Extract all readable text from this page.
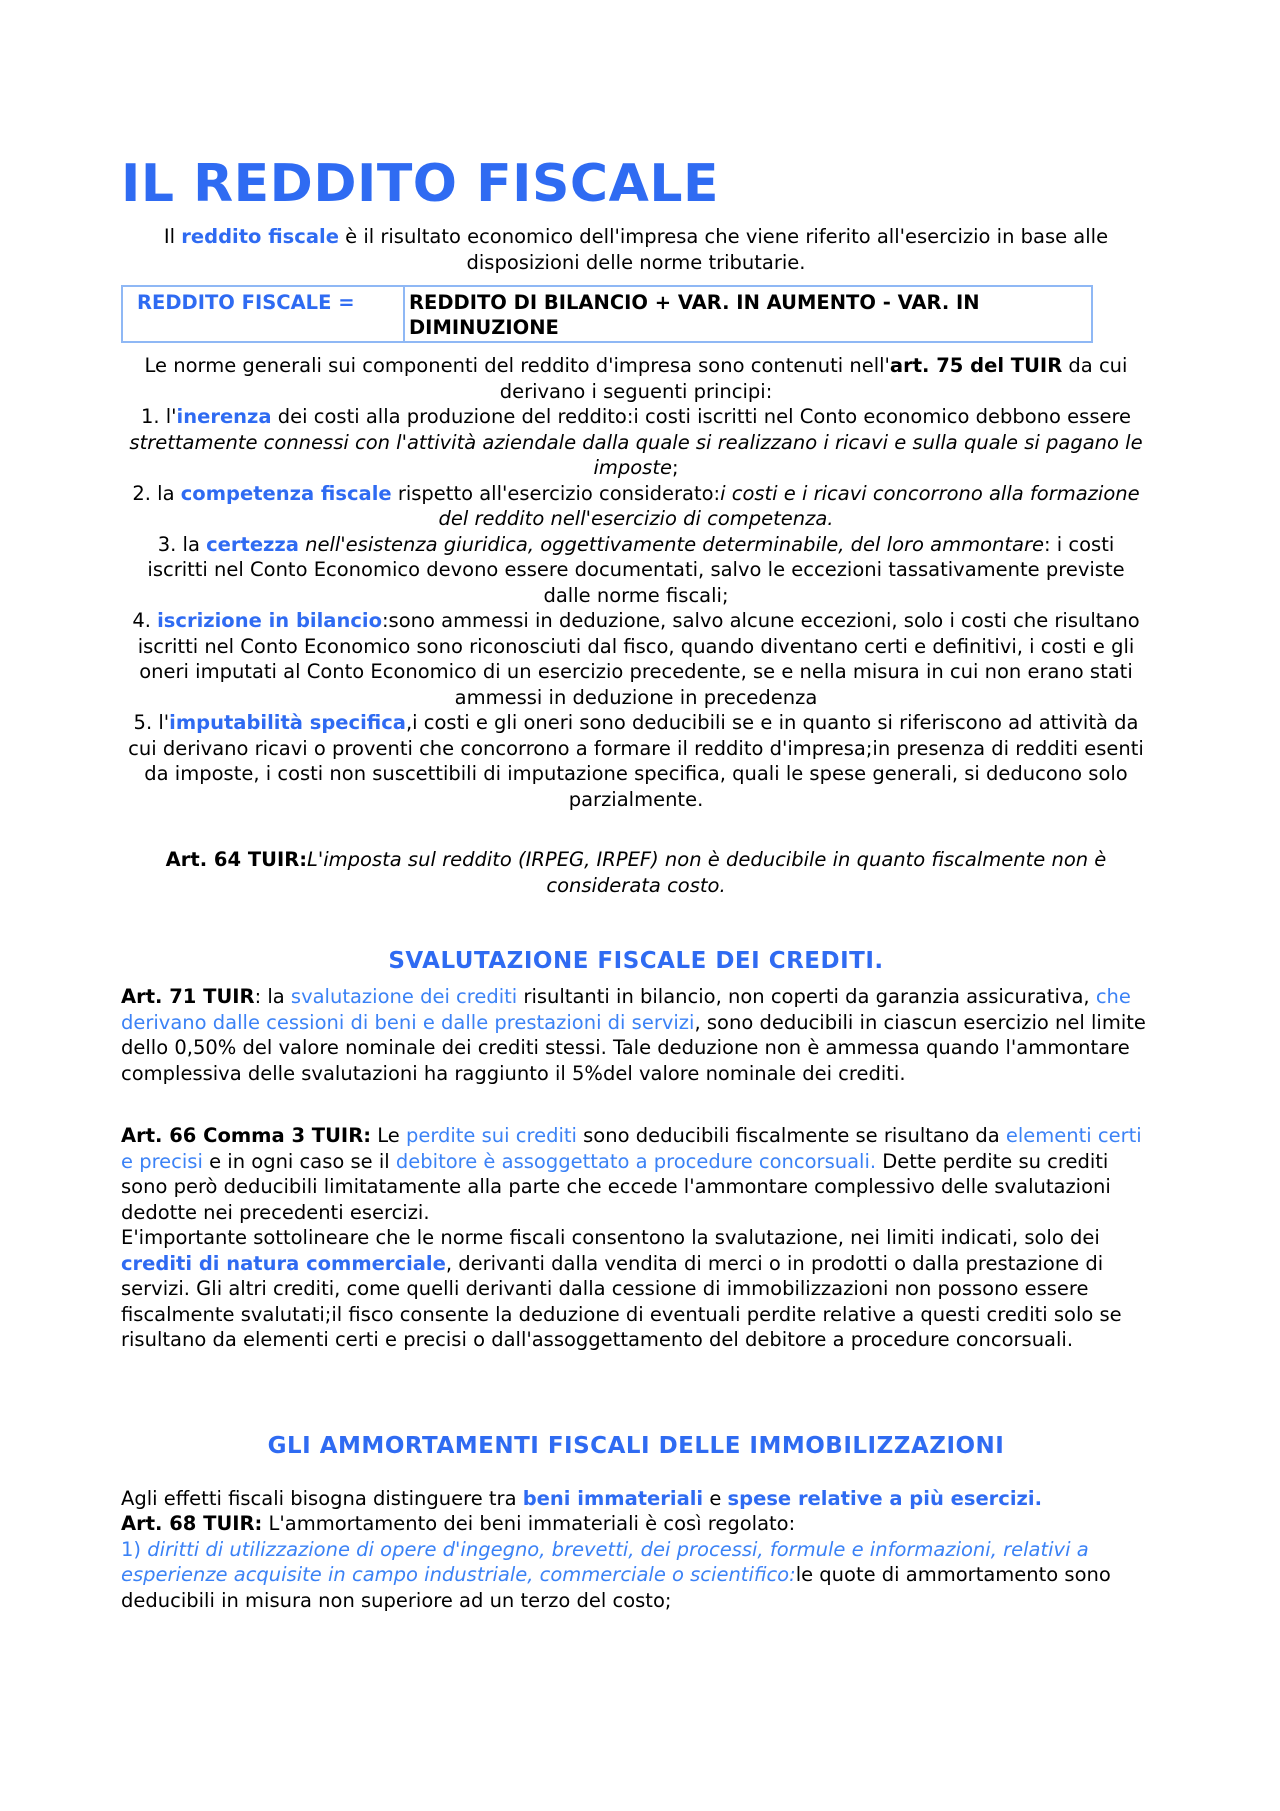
IL REDDITO FISCALE

Il reddito fiscale è il risultato economico dell'impresa che viene riferito all'esercizio in base alle disposizioni delle norme tributarie.

REDDITO FISCALE =	REDDITO DI BILANCIO + VAR. IN AUMENTO - VAR. IN DIMINUZIONE

Le norme generali sui componenti del reddito d'impresa sono contenuti nell'art. 75 del TUIR da cui derivano i seguenti principi:

1. l'inerenza dei costi alla produzione del reddito:i costi iscritti nel Conto economico debbono essere strettamente connessi con l'attività aziendale dalla quale si realizzano i ricavi e sulla quale si pagano le imposte;

2. la competenza fiscale rispetto all'esercizio considerato:i costi e i ricavi concorrono alla formazione del reddito nell'esercizio di competenza.

3. la certezza nell'esistenza giuridica, oggettivamente determinabile, del loro ammontare: i costi iscritti nel Conto Economico devono essere documentati, salvo le eccezioni tassativamente previste dalle norme fiscali;

4. iscrizione in bilancio:sono ammessi in deduzione, salvo alcune eccezioni, solo i costi che risultano iscritti nel Conto Economico sono riconosciuti dal fisco, quando diventano certi e definitivi, i costi e gli oneri imputati al Conto Economico di un esercizio precedente, se e nella misura in cui non erano stati ammessi in deduzione in precedenza

5. l'imputabilità specifica,i costi e gli oneri sono deducibili se e in quanto si riferiscono ad attività da cui derivano ricavi o proventi che concorrono a formare il reddito d'impresa;in presenza di redditi esenti da imposte, i costi non suscettibili di imputazione specifica, quali le spese generali, si deducono solo parzialmente.

Art. 64 TUIR:L'imposta sul reddito (IRPEG, IRPEF) non è deducibile in quanto fiscalmente non è considerata costo.

SVALUTAZIONE FISCALE DEI CREDITI.

Art. 71 TUIR: la svalutazione dei crediti risultanti in bilancio, non coperti da garanzia assicurativa, che derivano dalle cessioni di beni e dalle prestazioni di servizi, sono deducibili in ciascun esercizio nel limite dello 0,50% del valore nominale dei crediti stessi. Tale deduzione non è ammessa quando l'ammontare complessiva delle svalutazioni ha raggiunto il 5%del valore nominale dei crediti.

Art. 66 Comma 3 TUIR: Le perdite sui crediti sono deducibili fiscalmente se risultano da elementi certi e precisi e in ogni caso se il debitore è assoggettato a procedure concorsuali. Dette perdite su crediti sono però deducibili limitatamente alla parte che eccede l'ammontare complessivo delle svalutazioni dedotte nei precedenti esercizi.

E'importante sottolineare che le norme fiscali consentono la svalutazione, nei limiti indicati, solo dei crediti di natura commerciale, derivanti dalla vendita di merci o in prodotti o dalla prestazione di servizi. Gli altri crediti, come quelli derivanti dalla cessione di immobilizzazioni non possono essere fiscalmente svalutati;il fisco consente la deduzione di eventuali perdite relative a questi crediti solo se risultano da elementi certi e precisi o dall'assoggettamento del debitore a procedure concorsuali.

GLI AMMORTAMENTI FISCALI DELLE IMMOBILIZZAZIONI

Agli effetti fiscali bisogna distinguere tra beni immateriali e spese relative a più esercizi.

Art. 68 TUIR: L'ammortamento dei beni immateriali è così regolato:

1) diritti di utilizzazione di opere d'ingegno, brevetti, dei processi, formule e informazioni, relativi a esperienze acquisite in campo industriale, commerciale o scientifico:le quote di ammortamento sono deducibili in misura non superiore ad un terzo del costo;
